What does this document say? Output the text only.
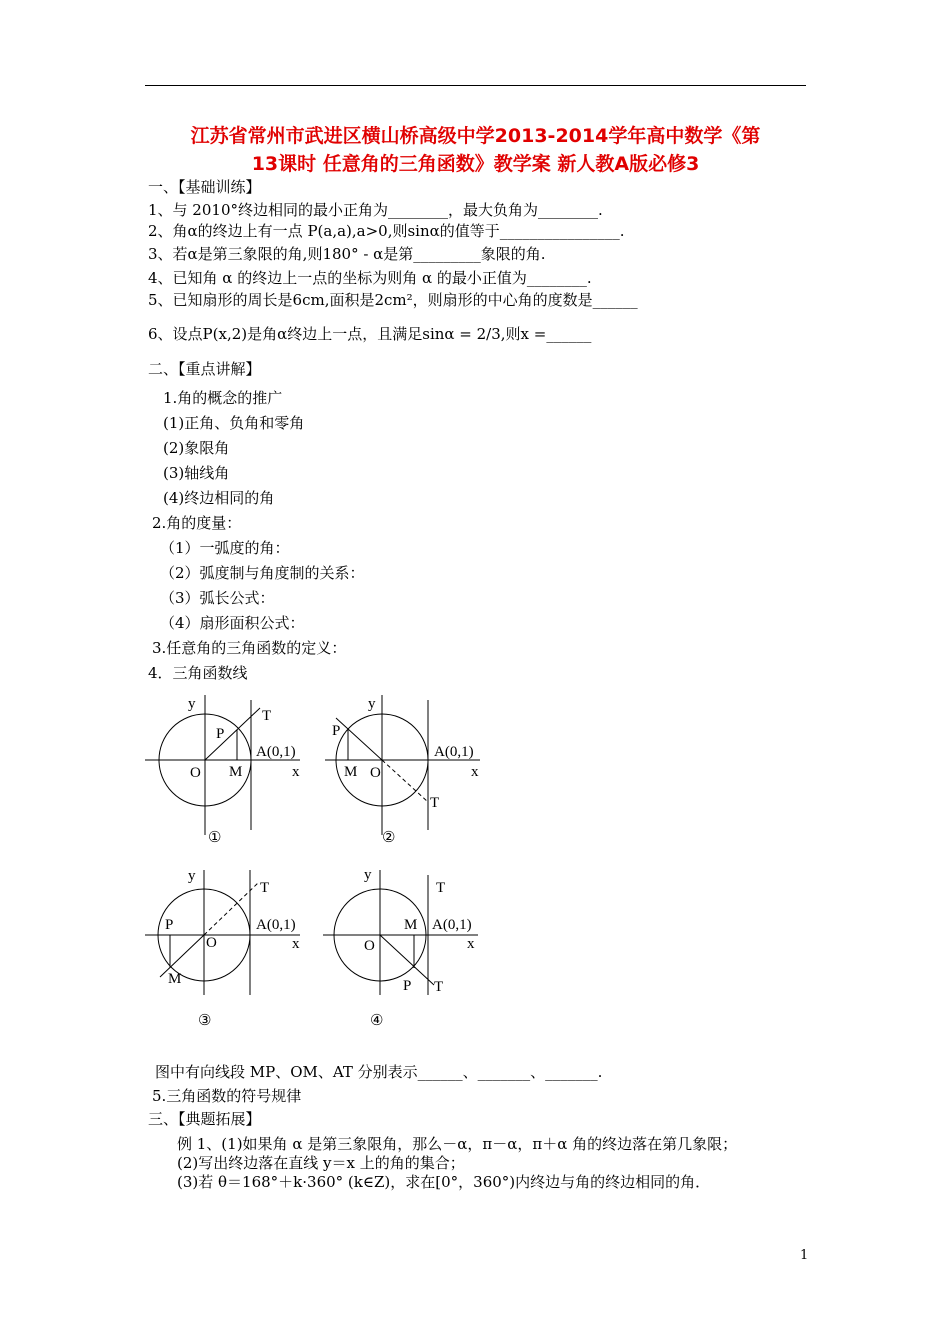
江苏省常州市武进区横山桥高级中学2013-2014学年高中数学《第
13课时 任意角的三角函数》教学案 新人教A版必修3
一、【基础训练】
1、与 2010°终边相同的最小正角为________，最大负角为________.
2、角α的终边上有一点 P(a,a),a>0,则sinα的值等于________________.
3、若α是第三象限的角,则180° - α是第_________象限的角.
4、已知角 α 的终边上一点的坐标为则角 α 的最小正值为________.
5、已知扇形的周长是6cm,面积是2cm²，则扇形的中心角的度数是______
6、设点P(x,2)是角α终边上一点，且满足sinα = 2/3,则x =______
二、【重点讲解】
1.角的概念的推广
(1)正角、负角和零角
(2)象限角
(3)轴线角
(4)终边相同的角
2.角的度量：
（1）一弧度的角：
（2）弧度制与角度制的关系：
（3）弧长公式：
（4）扇形面积公式：
3.任意角的三角函数的定义：
4．三角函数线
y
T
P
A(0,1)
O M	x
①
y
P
A(0,1)
M O	x
T
②
y
T
P	A(0,1)
O	x
M
③
y
T
M A(0,1)
O	x
P T
④
图中有向线段 MP、OM、AT 分别表示______、_______、_______.
5.三角函数的符号规律
三、【典题拓展】
例 1、(1)如果角 α 是第三象限角，那么－α，π－α，π＋α 角的终边落在第几象限；
(2)写出终边落在直线 y＝x 上的角的集合；
(3)若 θ＝168°＋k·360° (k∈Z)，求在[0°，360°)内终边与角的终边相同的角．
1
